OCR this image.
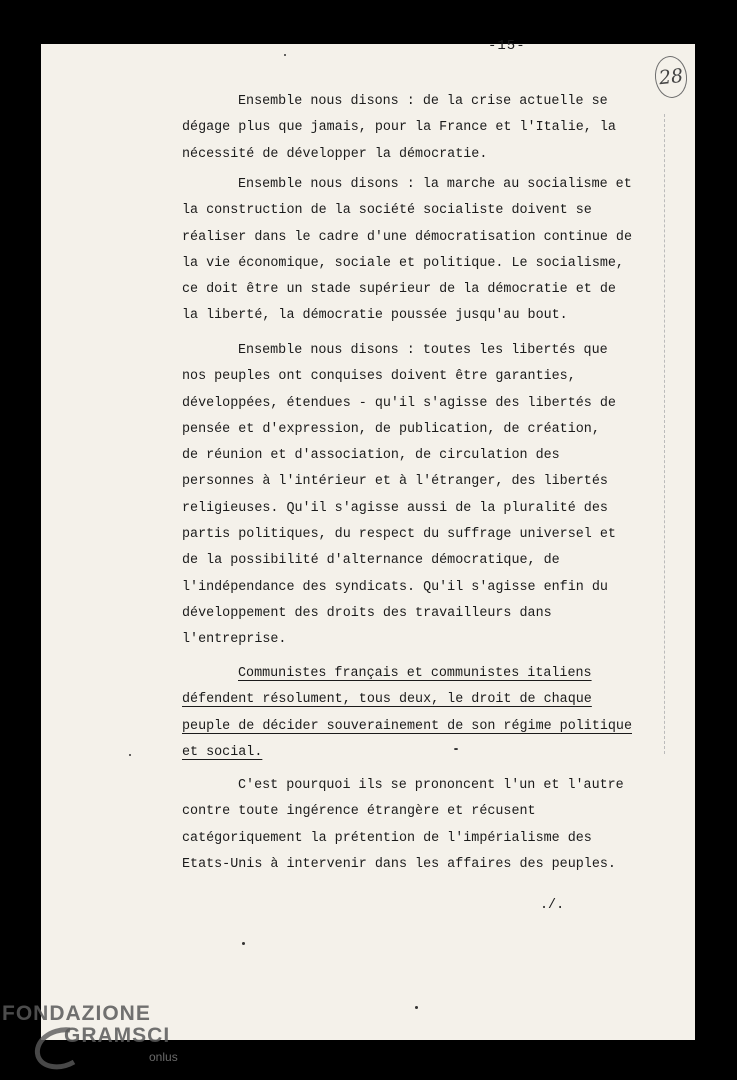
-15-
28

Ensemble nous disons : de la crise actuelle se

dégage plus que jamais, pour la France et l'Italie, la

nécessité de développer la démocratie.

Ensemble nous disons : la marche au socialisme et

la construction de la société socialiste doivent se

réaliser dans le cadre d'une démocratisation continue de

la vie économique, sociale et politique. Le socialisme,

ce doit être un stade supérieur de la démocratie et de

la liberté, la démocratie poussée jusqu'au bout.

Ensemble nous disons : toutes les libertés que

nos peuples ont conquises doivent être garanties,

développées, étendues - qu'il s'agisse des libertés de

pensée et d'expression, de publication, de création,

de réunion et d'association, de circulation des

personnes à l'intérieur et à l'étranger, des libertés

religieuses. Qu'il s'agisse aussi de la pluralité des

partis politiques, du respect du suffrage universel et

de la possibilité d'alternance démocratique, de

l'indépendance des syndicats. Qu'il s'agisse enfin du

développement des droits des travailleurs dans

l'entreprise.

Communistes français et communistes italiens

défendent résolument, tous deux, le droit de chaque

peuple de décider souverainement de son régime politique

et social.

C'est pourquoi ils se prononcent l'un et l'autre

contre toute ingérence étrangère et récusent

catégoriquement la prétention de l'impérialisme des

Etats-Unis à intervenir dans les affaires des peuples.

./.
FONDAZIONE
GRAMSCI
onlus
